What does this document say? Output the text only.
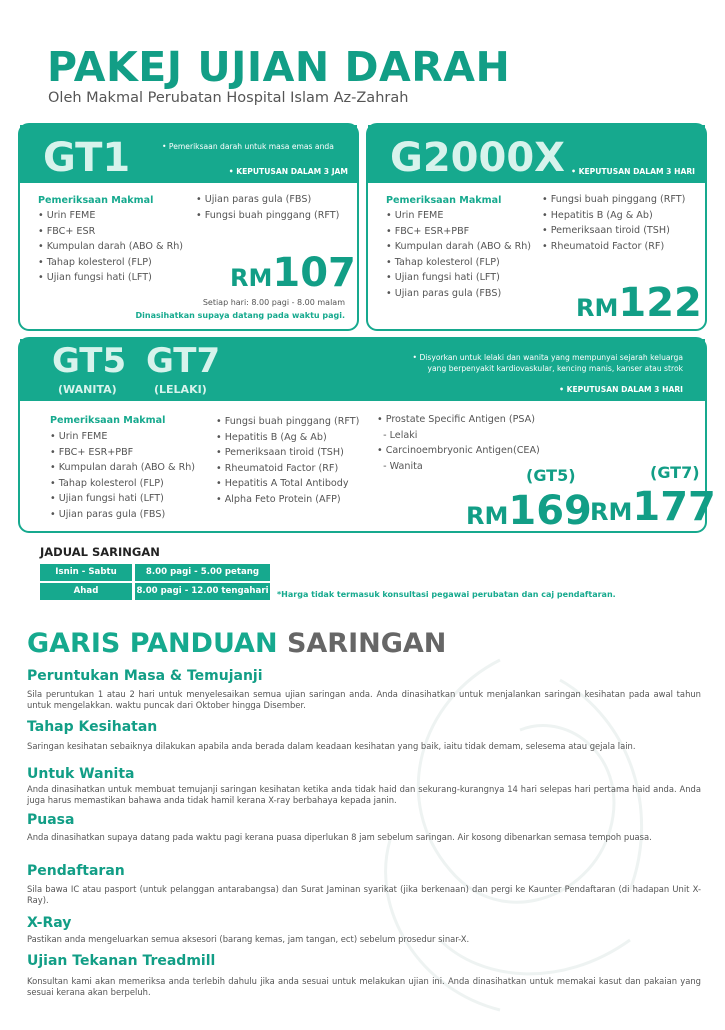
PAKEJ UJIAN DARAH
Oleh Makmal Perubatan Hospital Islam Az-Zahrah
GT1	• Pemeriksaan darah untuk masa emas anda
• KEPUTUSAN DALAM 3 JAM
Pemeriksaan Makmal
• Urin FEME
• FBC+ ESR
• Kumpulan darah (ABO & Rh)
• Tahap kolesterol (FLP)
• Ujian fungsi hati (LFT)
• Ujian paras gula (FBS)
• Fungsi buah pinggang (RFT)
RM107
Setiap hari: 8.00 pagi - 8.00 malam
Dinasihatkan supaya datang pada waktu pagi.
G2000X • KEPUTUSAN DALAM 3 HARI
Pemeriksaan Makmal
• Urin FEME
• FBC+ ESR+PBF
• Kumpulan darah (ABO & Rh)
• Tahap kolesterol (FLP)
• Ujian fungsi hati (LFT)
• Ujian paras gula (FBS)
• Fungsi buah pinggang (RFT)
• Hepatitis B (Ag & Ab)
• Pemeriksaan tiroid (TSH)
• Rheumatoid Factor (RF)
RM122
GT5
(WANITA)
GT7
(LELAKI)
• Disyorkan untuk lelaki dan wanita yang mempunyai sejarah keluarga
yang berpenyakit kardiovaskular, kencing manis, kanser atau strok
• KEPUTUSAN DALAM 3 HARI
Pemeriksaan Makmal
• Urin FEME
• FBC+ ESR+PBF
• Kumpulan darah (ABO & Rh)
• Tahap kolesterol (FLP)
• Ujian fungsi hati (LFT)
• Ujian paras gula (FBS)
• Fungsi buah pinggang (RFT)
• Hepatitis B (Ag & Ab)
• Pemeriksaan tiroid (TSH)
• Rheumatoid Factor (RF)
• Hepatitis A Total Antibody
• Alpha Feto Protein (AFP)
• Prostate Specific Antigen (PSA)
- Lelaki
• Carcinoembryonic Antigen(CEA)
- Wanita	(GT5)
RM169
(GT7)
RM177
JADUAL SARINGAN
Isnin - Sabtu	8.00 pagi - 5.00 petang
Ahad	8.00 pagi - 12.00 tengahari *Harga tidak termasuk konsultasi pegawai perubatan dan caj pendaftaran.
GARIS PANDUAN SARINGAN
Peruntukan Masa & Temujanji
Sila peruntukan 1 atau 2 hari untuk menyelesaikan semua ujian saringan anda. Anda dinasihatkan untuk menjalankan saringan kesihatan pada awal tahun untuk mengelakkan. waktu puncak dari Oktober hingga Disember.
Tahap Kesihatan
Saringan kesihatan sebaiknya dilakukan apabila anda berada dalam keadaan kesihatan yang baik, iaitu tidak demam, selesema atau gejala lain.
Untuk Wanita
Anda dinasihatkan untuk membuat temujanji saringan kesihatan ketika anda tidak haid dan sekurang-kurangnya 14 hari selepas hari pertama haid anda. Anda juga harus memastikan bahawa anda tidak hamil kerana X-ray berbahaya kepada janin.
Puasa
Anda dinasihatkan supaya datang pada waktu pagi kerana puasa diperlukan 8 jam sebelum saringan. Air kosong dibenarkan semasa tempoh puasa.
Pendaftaran
Sila bawa IC atau pasport (untuk pelanggan antarabangsa) dan Surat Jaminan syarikat (jika berkenaan) dan pergi ke Kaunter Pendaftaran (di hadapan Unit X-Ray).
X-Ray
Pastikan anda mengeluarkan semua aksesori (barang kemas, jam tangan, ect) sebelum prosedur sinar-X.
Ujian Tekanan Treadmill
Konsultan kami akan memeriksa anda terlebih dahulu jika anda sesuai untuk melakukan ujian ini. Anda dinasihatkan untuk memakai kasut dan pakaian yang sesuai kerana akan berpeluh.
